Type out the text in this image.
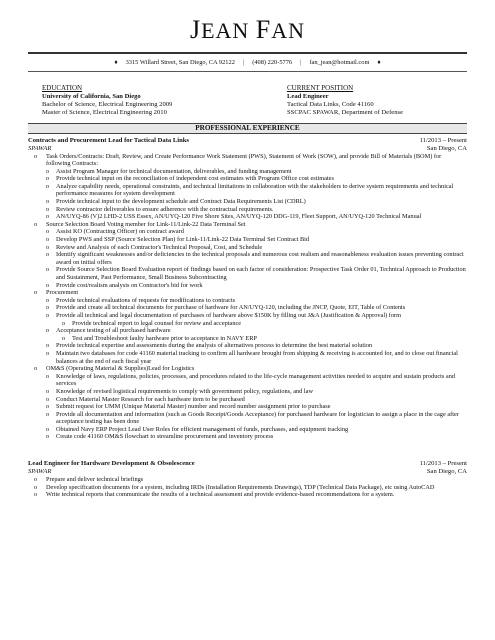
JEAN FAN
♦ 3315 Willard Street, San Diego, CA 92122 | (408) 220-5776 | fan_jean@hotmail.com ♦
EDUCATION
University of California, San Diego
Bachelor of Science, Electrical Engineering 2009
Master of Science, Electrical Engineering 2010
CURRENT POSITION
Lead Engineer
Tactical Data Links, Code 41160
SSCPAC SPAWAR, Department of Defense
PROFESSIONAL EXPERIENCE
Contracts and Procurement Lead for Tactical Data Links	11/2013 – Present
SPAWAR	San Diego, CA
o Task Orders/Contracts: Draft, Review, and Create Performance Work Statement (PWS), Statement of Work (SOW), and provide Bill of Materials (BOM) for following Contracts:
o Assist Program Manager for technical documentation, deliverables, and funding management
o Provide technical input on the reconciliation of independent cost estimates with Program Office cost estimates
o Analyze capability needs, operational constraints, and technical limitations in collaboration with the stakeholders to derive system requirements and technical performance measures for system development
o Provide technical input to the development schedule and Contract Data Requirements List (CDRL)
o Review contractor deliverables to ensure adherence with the contractual requirements.
o AN/UYQ-86 (V)2 LHD-2 USS Essex, AN/UYQ-120 Five Shore Sites, AN/UYQ-120 DDG-119, Fleet Support, AN/UYQ-120 Technical Manual
o Source Selection Board Voting member for Link-11/Link-22 Data Terminal Set
o Assist KO (Contracting Officer) on contract award
o Develop PWS and SSP (Source Selection Plan) for Link-11/Link-22 Data Terminal Set Contract Bid
o Review and Analysis of each Contractor's Technical Proposal, Cost, and Schedule
o Identify significant weaknesses and/or deficiencies in the technical proposals and numerous cost realism and reasonableness evaluation issues preventing contract award on initial offers
o Provide Source Selection Board Evaluation report of findings based on each factor of consideration: Prospective Task Order 01, Technical Approach to Production and Sustainment, Past Performance, Small Business Subcontracting
o Provide cost/realism analysis on Contractor's bid for work
o Procurement
o Provide technical evaluations of requests for modifications to contracts
o Provide and create all technical documents for purchase of hardware for AN/UYQ-120, including the JNCP, Quote, EIT, Table of Contents
o Provide all technical and legal documentation of purchases of hardware above $150K by filling out J&A (Justification & Approval) form
o Provide technical report to legal counsel for review and acceptance
o Acceptance testing of all purchased hardware
o Test and Troubleshoot faulty hardware prior to acceptance in NAVY ERP
o Provide technical expertise and assessments during the analysis of alternatives process to determine the best material solution
o Maintain two databases for code 41160 material tracking to confirm all hardware brought from shipping & receiving is accounted for, and to close out financial balances at the end of each fiscal year
o OM&S (Operating Material & Supplies)Lead for Logistics
o Knowledge of laws, regulations, policies, processes, and procedures related to the life-cycle management activities needed to acquire and sustain products and services
o Knowledge of revised logistical requirements to comply with government policy, regulations, and law
o Conduct Material Master Research for each hardware item to be purchased
o Submit request for UMM (Unique Material Master) number and record number assignment prior to purchase
o Provide all documentation and information (such as Goods Receipt/Goods Acceptance) for purchased hardware for logistician to assign a place in the cage after acceptance testing has been done
o Obtained Navy ERP Project Lead User Roles for efficient management of funds, purchases, and equipment tracking
o Create code 41160 OM&S flowchart to streamline procurement and inventory process
Lead Engineer for Hardware Development & Obsolescence	11/2013 – Present
SPAWAR	San Diego, CA
o Prepare and deliver technical briefings
o Develop specification documents for a system, including IRDs (Installation Requirements Drawings), TDP (Technical Data Package), etc using AutoCAD
o Write technical reports that communicate the results of a technical assessment and provide evidence-based recommendations for a system.
